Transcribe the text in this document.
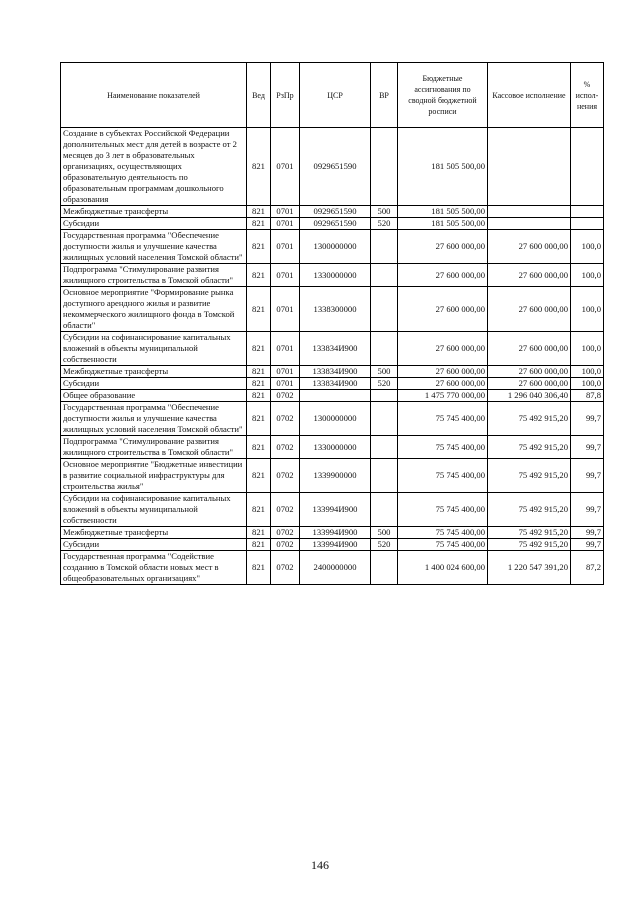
Наименование показателей	Вед	РзПр	ЦСР	ВР	Бюджетные ассигнования по сводной бюджетной росписи	Кассовое исполнение	% испол-нения
Создание в субъектах Российской Федерации дополнительных мест для детей в возрасте от 2 месяцев до 3 лет в образовательных организациях, осуществляющих образовательную деятельность по образовательным программам дошкольного образования	821	0701	0929651590		181 505 500,00		
Межбюджетные трансферты	821	0701	0929651590	500	181 505 500,00		
Субсидии	821	0701	0929651590	520	181 505 500,00		
Государственная программа "Обеспечение доступности жилья и улучшение качества жилищных условий населения Томской области"	821	0701	1300000000		27 600 000,00	27 600 000,00	100,0
Подпрограмма "Стимулирование развития жилищного строительства в Томской области"	821	0701	1330000000		27 600 000,00	27 600 000,00	100,0
Основное мероприятие "Формирование рынка доступного арендного жилья и развитие некоммерческого жилищного фонда в Томской области"	821	0701	1338300000		27 600 000,00	27 600 000,00	100,0
Субсидии на софинансирование капитальных вложений в объекты муниципальной собственности	821	0701	133834И900		27 600 000,00	27 600 000,00	100,0
Межбюджетные трансферты	821	0701	133834И900	500	27 600 000,00	27 600 000,00	100,0
Субсидии	821	0701	133834И900	520	27 600 000,00	27 600 000,00	100,0
Общее образование	821	0702			1 475 770 000,00	1 296 040 306,40	87,8
Государственная программа "Обеспечение доступности жилья и улучшение качества жилищных условий населения Томской области"	821	0702	1300000000		75 745 400,00	75 492 915,20	99,7
Подпрограмма "Стимулирование развития жилищного строительства в Томской области"	821	0702	1330000000		75 745 400,00	75 492 915,20	99,7
Основное мероприятие "Бюджетные инвестиции в развитие социальной инфраструктуры для строительства жилья"	821	0702	1339900000		75 745 400,00	75 492 915,20	99,7
Субсидии на софинансирование капитальных вложений в объекты муниципальной собственности	821	0702	133994И900		75 745 400,00	75 492 915,20	99,7
Межбюджетные трансферты	821	0702	133994И900	500	75 745 400,00	75 492 915,20	99,7
Субсидии	821	0702	133994И900	520	75 745 400,00	75 492 915,20	99,7
Государственная программа "Содействие созданию в Томской области новых мест в общеобразовательных организациях"	821	0702	2400000000		1 400 024 600,00	1 220 547 391,20	87,2
146
